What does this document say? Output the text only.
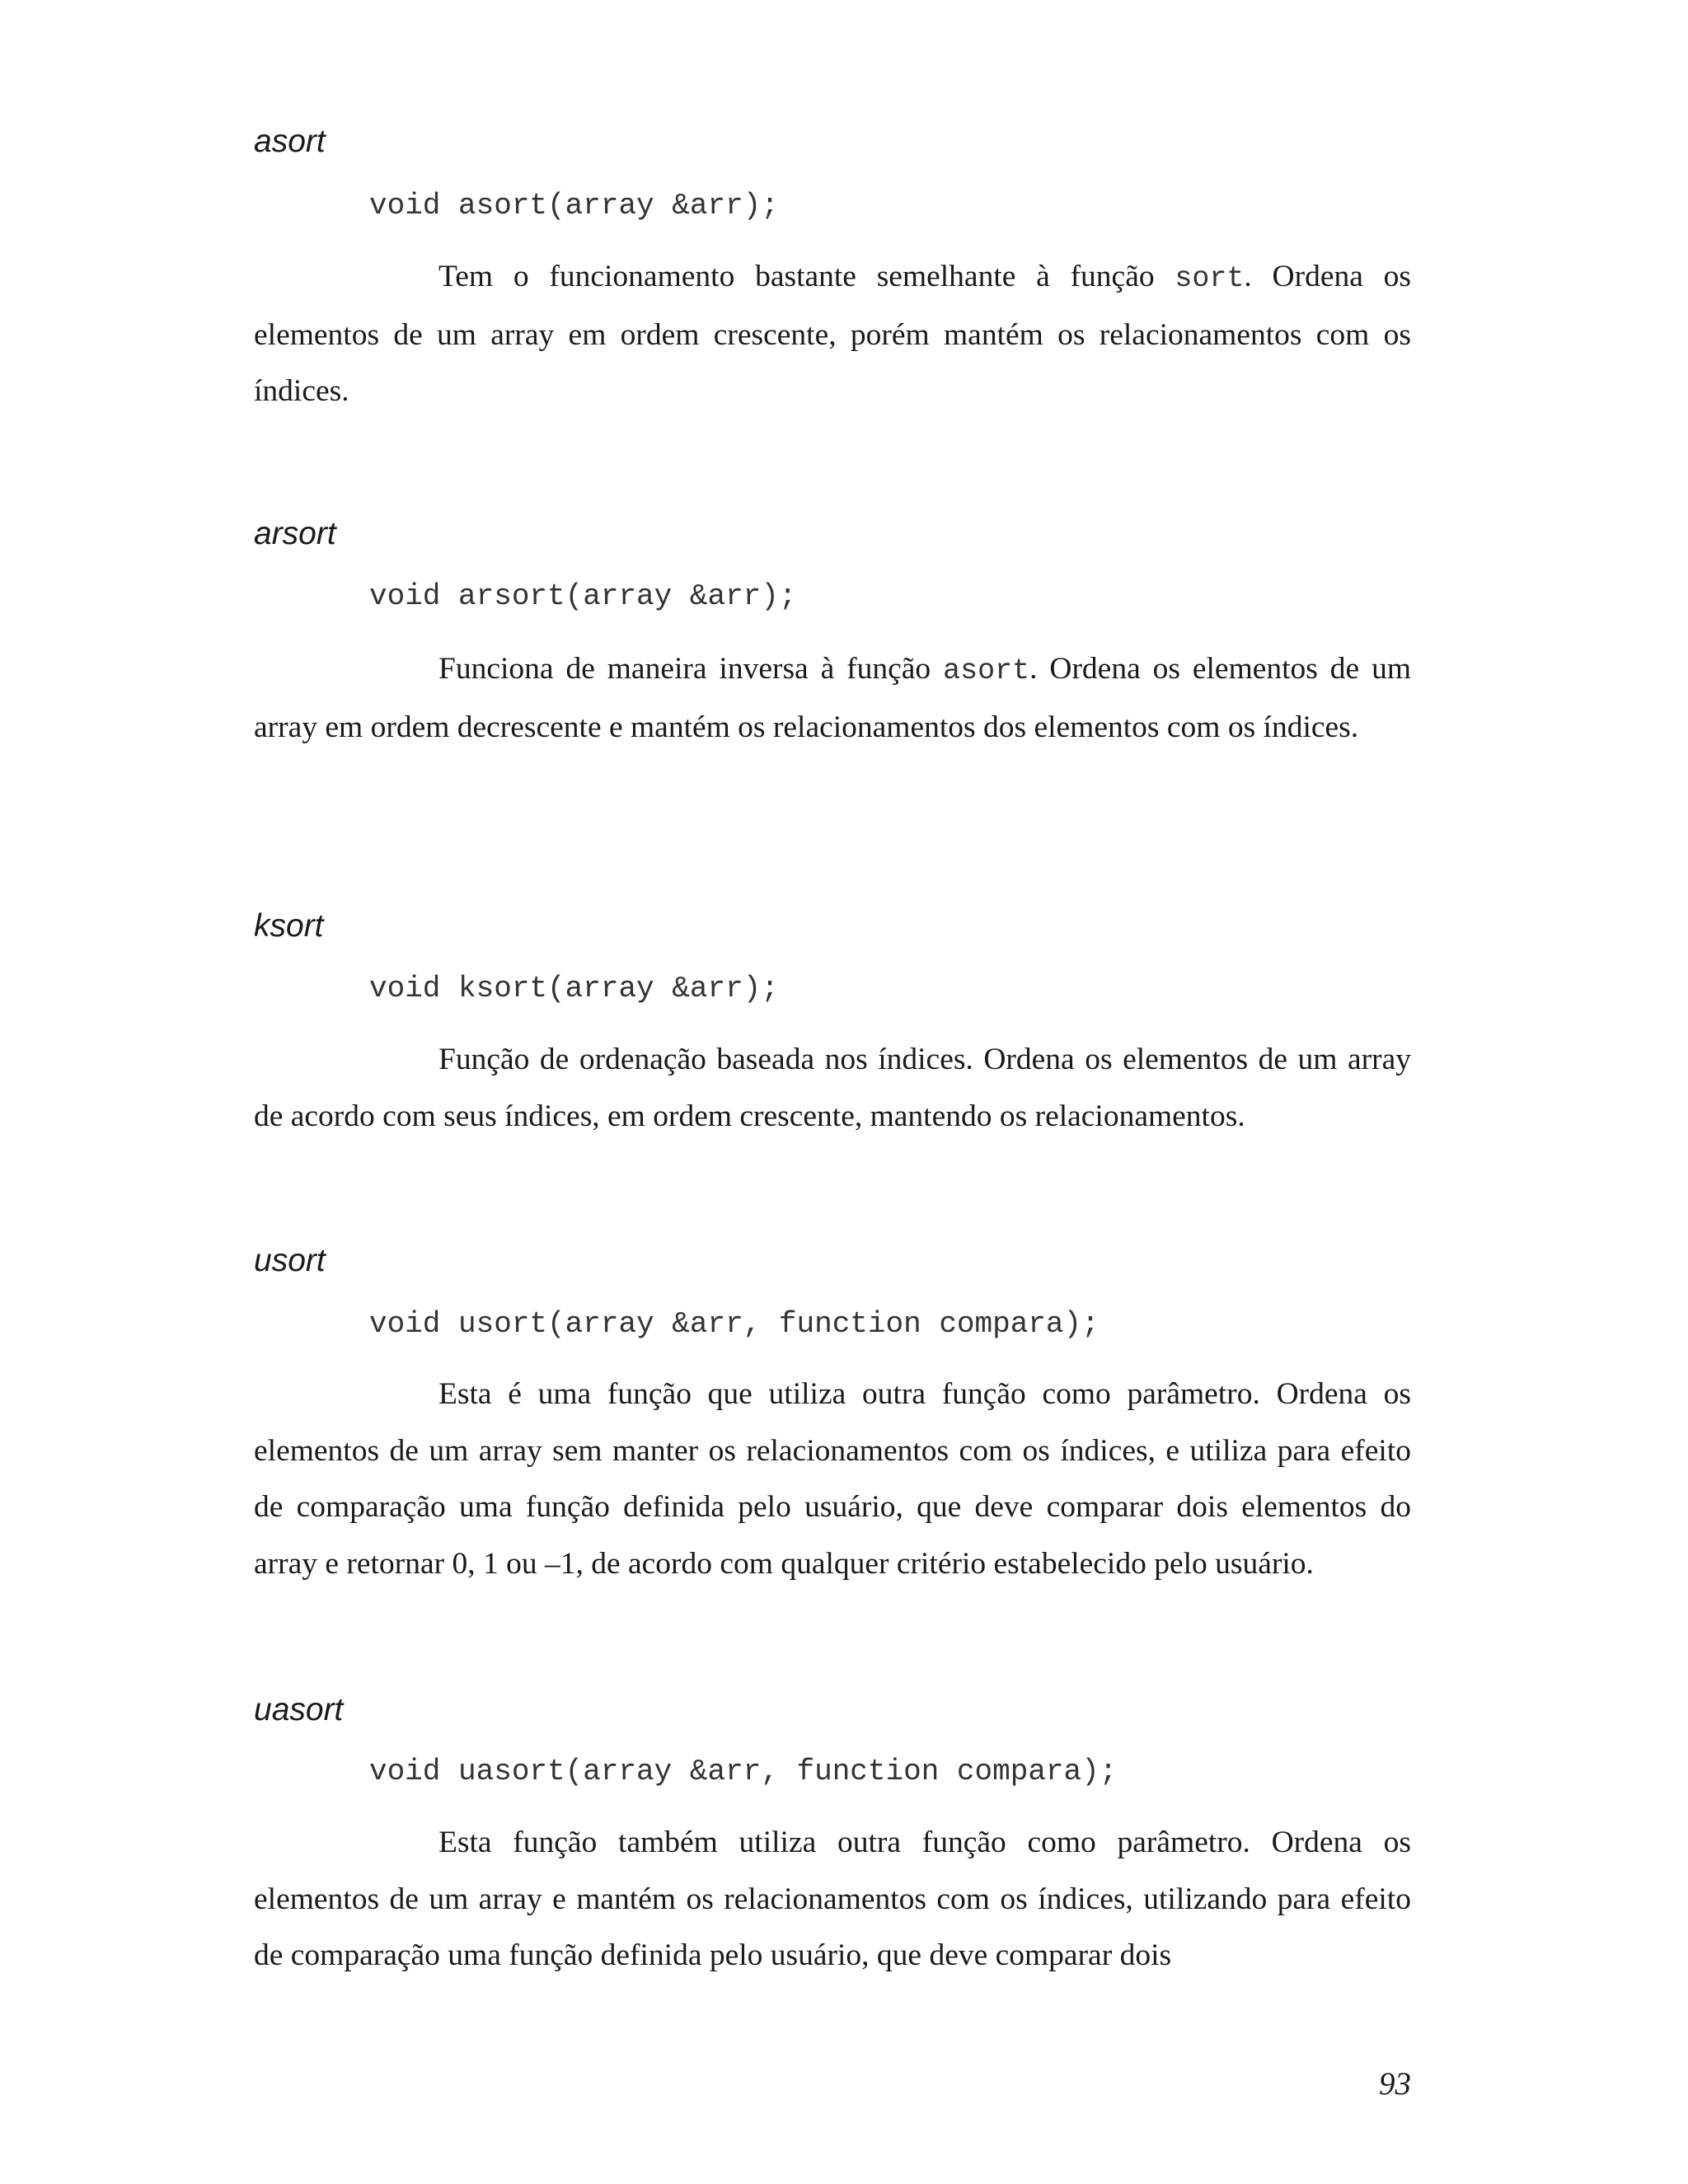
asort
void asort(array &arr);

Tem o funcionamento bastante semelhante à função sort. Ordena os elementos de um array em ordem crescente, porém mantém os relacionamentos com os índices.

arsort
void arsort(array &arr);

Funciona de maneira inversa à função asort. Ordena os elementos de um array em ordem decrescente e mantém os relacionamentos dos elementos com os índices.

ksort
void ksort(array &arr);

Função de ordenação baseada nos índices. Ordena os elementos de um array de acordo com seus índices, em ordem crescente, mantendo os relacionamentos.

usort
void usort(array &arr, function compara);

Esta é uma função que utiliza outra função como parâmetro. Ordena os elementos de um array sem manter os relacionamentos com os índices, e utiliza para efeito de comparação uma função definida pelo usuário, que deve comparar dois elementos do array e retornar 0, 1 ou –1, de acordo com qualquer critério estabelecido pelo usuário.

uasort
void uasort(array &arr, function compara);

Esta função também utiliza outra função como parâmetro. Ordena os elementos de um array e mantém os relacionamentos com os índices, utilizando para efeito de comparação uma função definida pelo usuário, que deve comparar dois

93
